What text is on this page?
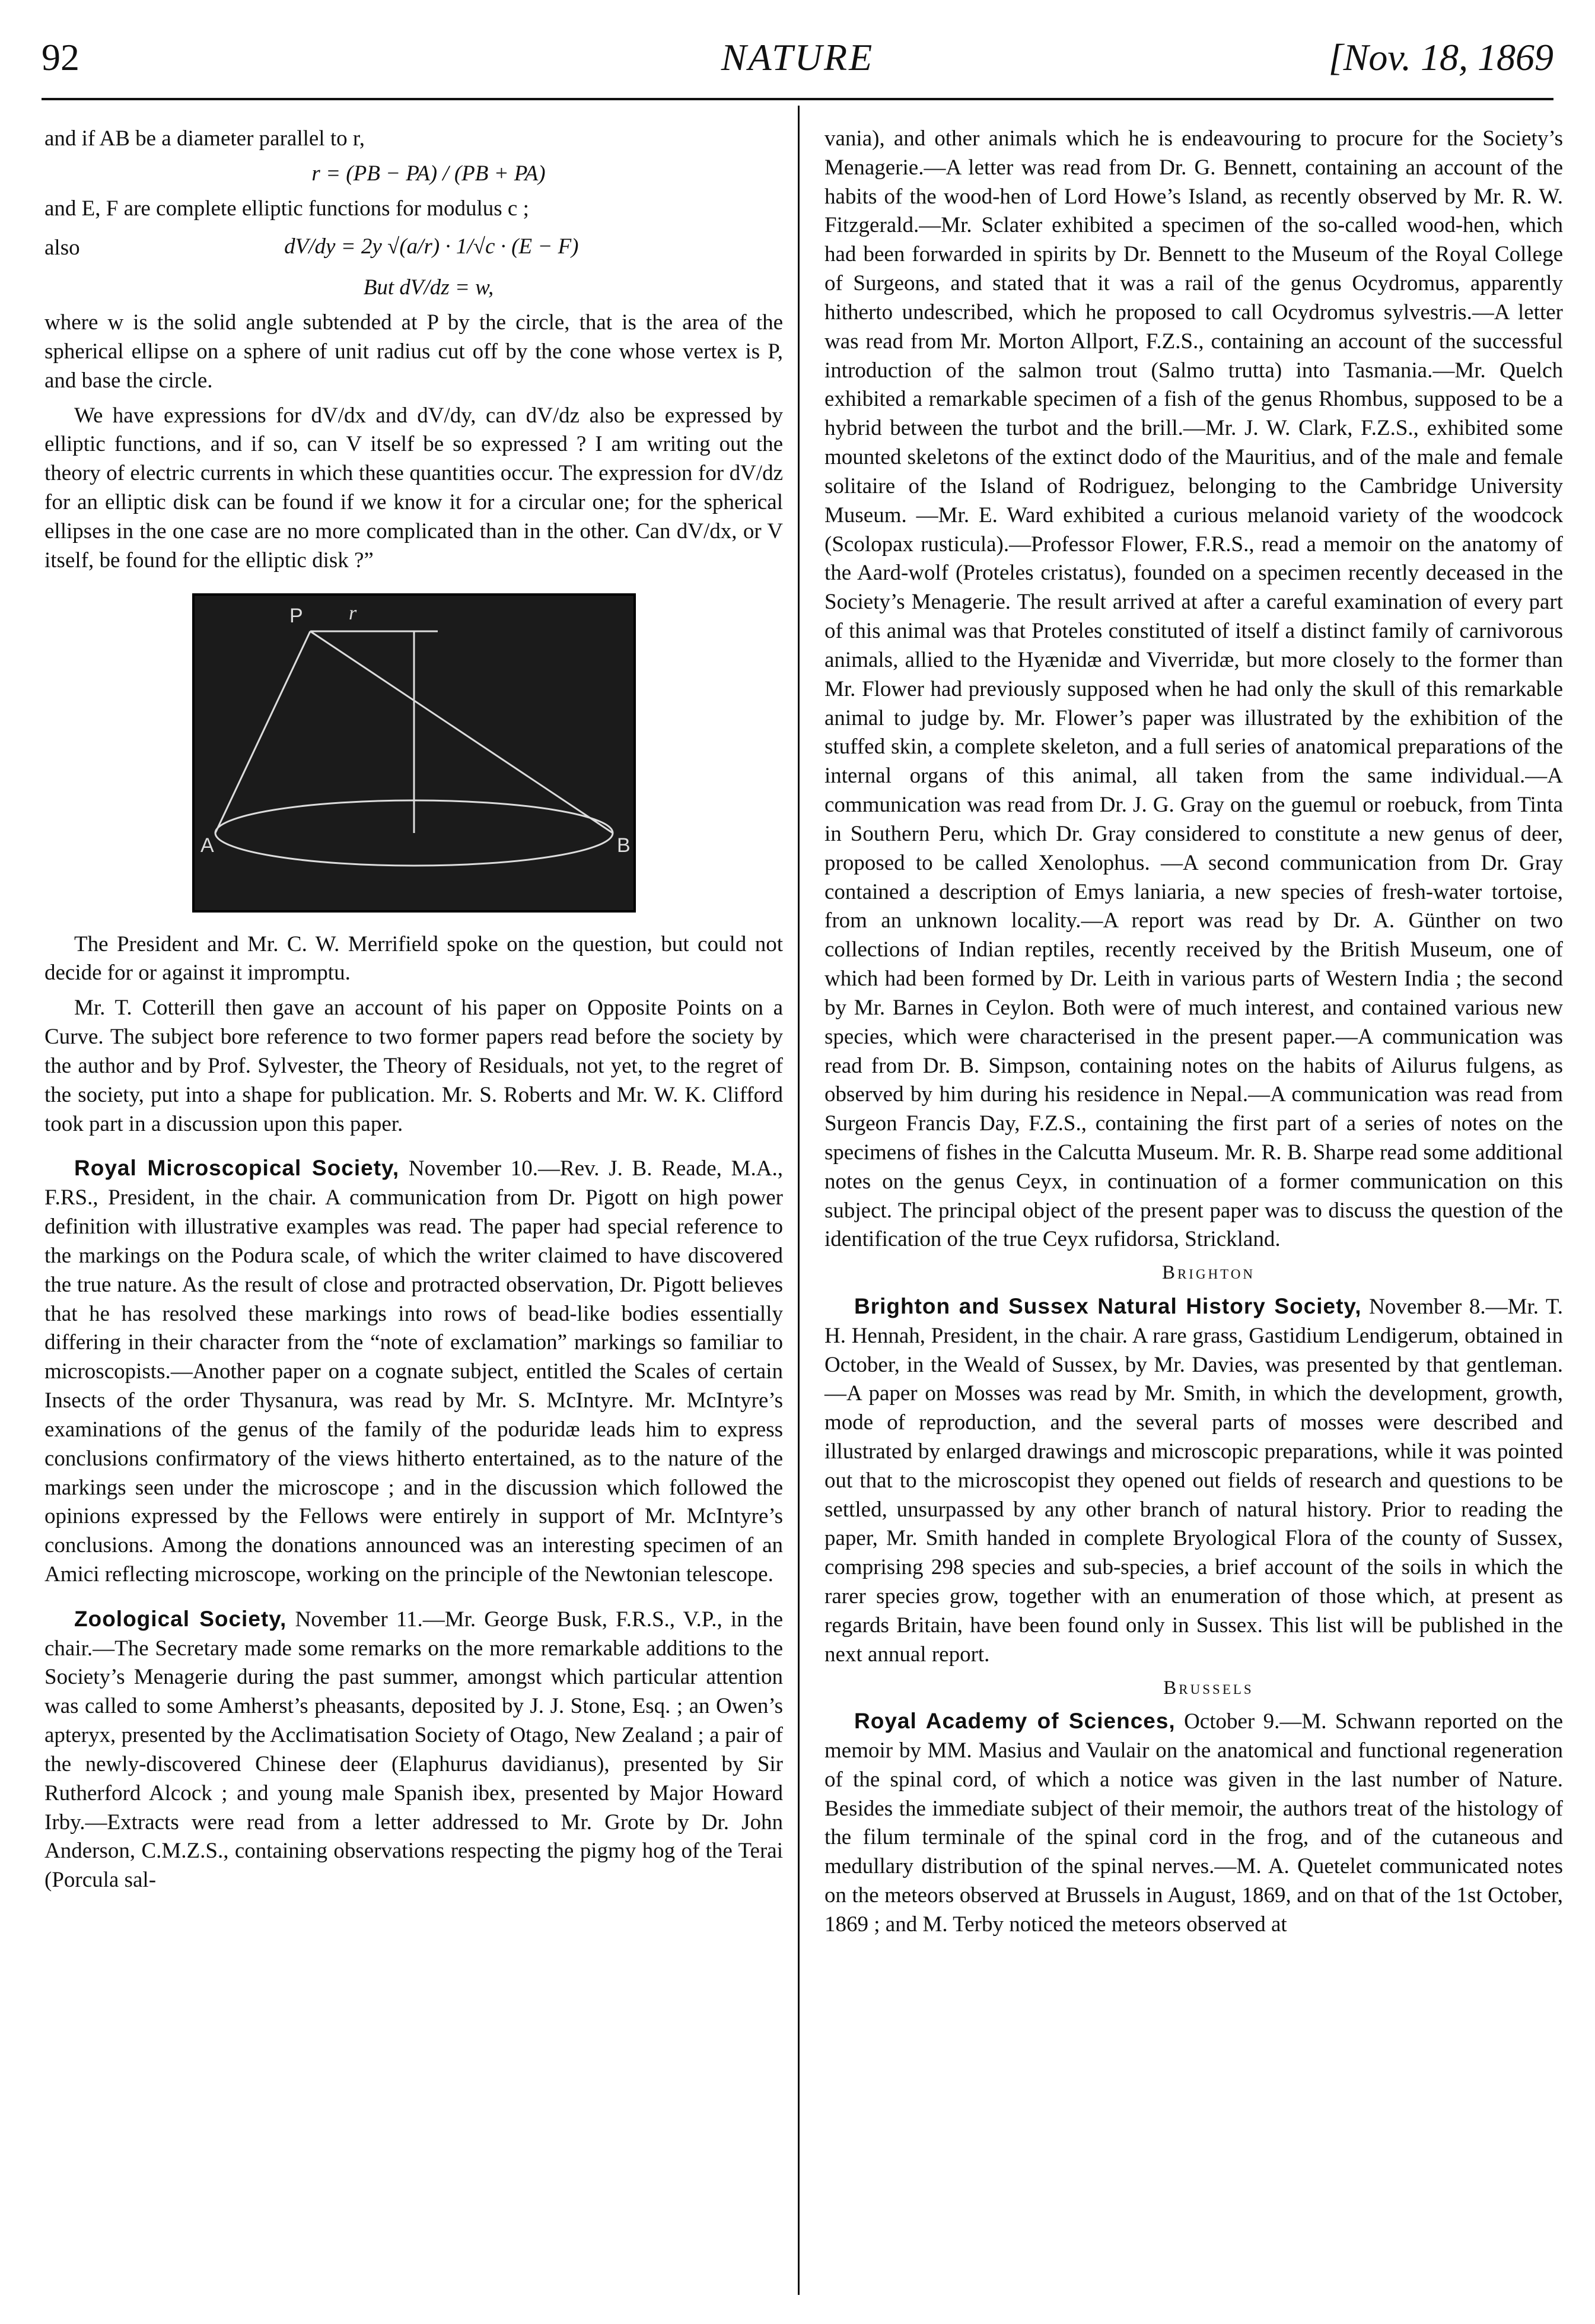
92	NATURE	[Nov. 18, 1869

and if AB be a diameter parallel to r,

r = (PB − PA) / (PB + PA)

and E, F are complete elliptic functions for modulus c ;

also	dV/dy = 2y √(a/r) · 1/√c · (E − F)

But dV/dz = w,

where w is the solid angle subtended at P by the circle, that is the area of the spherical ellipse on a sphere of unit radius cut off by the cone whose vertex is P, and base the circle.

We have expressions for dV/dx and dV/dy, can dV/dz also be expressed by elliptic functions, and if so, can V itself be so expressed ? I am writing out the theory of electric currents in which these quantities occur. The expression for dV/dz for an elliptic disk can be found if we know it for a circular one; for the spherical ellipses in the one case are no more complicated than in the other. Can dV/dx, or V itself, be found for the elliptic disk ?”

P r
A	B

The President and Mr. C. W. Merrifield spoke on the question, but could not decide for or against it impromptu.

Mr. T. Cotterill then gave an account of his paper on Opposite Points on a Curve. The subject bore reference to two former papers read before the society by the author and by Prof. Sylvester, the Theory of Residuals, not yet, to the regret of the society, put into a shape for publication. Mr. S. Roberts and Mr. W. K. Clifford took part in a discussion upon this paper.

Royal Microscopical Society, November 10.—Rev. J. B. Reade, M.A., F.RS., President, in the chair. A communication from Dr. Pigott on high power definition with illustrative examples was read. The paper had special reference to the markings on the Podura scale, of which the writer claimed to have discovered the true nature. As the result of close and protracted observation, Dr. Pigott believes that he has resolved these markings into rows of bead-like bodies essentially differing in their character from the “note of exclamation” markings so familiar to microscopists.—Another paper on a cognate subject, entitled the Scales of certain Insects of the order Thysanura, was read by Mr. S. McIntyre. Mr. McIntyre’s examinations of the genus of the family of the poduridæ leads him to express conclusions confirmatory of the views hitherto entertained, as to the nature of the markings seen under the microscope ; and in the discussion which followed the opinions expressed by the Fellows were entirely in support of Mr. McIntyre’s conclusions. Among the donations announced was an interesting specimen of an Amici reflecting microscope, working on the principle of the Newtonian telescope.

Zoological Society, November 11.—Mr. George Busk, F.R.S., V.P., in the chair.—The Secretary made some remarks on the more remarkable additions to the Society’s Menagerie during the past summer, amongst which particular attention was called to some Amherst’s pheasants, deposited by J. J. Stone, Esq. ; an Owen’s apteryx, presented by the Acclimatisation Society of Otago, New Zealand ; a pair of the newly-discovered Chinese deer (Elaphurus davidianus), presented by Sir Rutherford Alcock ; and young male Spanish ibex, presented by Major Howard Irby.—Extracts were read from a letter addressed to Mr. Grote by Dr. John Anderson, C.M.Z.S., containing observations respecting the pigmy hog of the Terai (Porcula sal-

vania), and other animals which he is endeavouring to procure for the Society’s Menagerie.—A letter was read from Dr. G. Bennett, containing an account of the habits of the wood-hen of Lord Howe’s Island, as recently observed by Mr. R. W. Fitzgerald.—Mr. Sclater exhibited a specimen of the so-called wood-hen, which had been forwarded in spirits by Dr. Bennett to the Museum of the Royal College of Surgeons, and stated that it was a rail of the genus Ocydromus, apparently hitherto undescribed, which he proposed to call Ocydromus sylvestris.—A letter was read from Mr. Morton Allport, F.Z.S., containing an account of the successful introduction of the salmon trout (Salmo trutta) into Tasmania.—Mr. Quelch exhibited a remarkable specimen of a fish of the genus Rhombus, supposed to be a hybrid between the turbot and the brill.—Mr. J. W. Clark, F.Z.S., exhibited some mounted skeletons of the extinct dodo of the Mauritius, and of the male and female solitaire of the Island of Rodriguez, belonging to the Cambridge University Museum. —Mr. E. Ward exhibited a curious melanoid variety of the woodcock (Scolopax rusticula).—Professor Flower, F.R.S., read a memoir on the anatomy of the Aard-wolf (Proteles cristatus), founded on a specimen recently deceased in the Society’s Menagerie. The result arrived at after a careful examination of every part of this animal was that Proteles constituted of itself a distinct family of carnivorous animals, allied to the Hyænidæ and Viverridæ, but more closely to the former than Mr. Flower had previously supposed when he had only the skull of this remarkable animal to judge by. Mr. Flower’s paper was illustrated by the exhibition of the stuffed skin, a complete skeleton, and a full series of anatomical preparations of the internal organs of this animal, all taken from the same individual.—A communication was read from Dr. J. G. Gray on the guemul or roebuck, from Tinta in Southern Peru, which Dr. Gray considered to constitute a new genus of deer, proposed to be called Xenolophus. —A second communication from Dr. Gray contained a description of Emys laniaria, a new species of fresh-water tortoise, from an unknown locality.—A report was read by Dr. A. Günther on two collections of Indian reptiles, recently received by the British Museum, one of which had been formed by Dr. Leith in various parts of Western India ; the second by Mr. Barnes in Ceylon. Both were of much interest, and contained various new species, which were characterised in the present paper.—A communication was read from Dr. B. Simpson, containing notes on the habits of Ailurus fulgens, as observed by him during his residence in Nepal.—A communication was read from Surgeon Francis Day, F.Z.S., containing the first part of a series of notes on the specimens of fishes in the Calcutta Museum. Mr. R. B. Sharpe read some additional notes on the genus Ceyx, in continuation of a former communication on this subject. The principal object of the present paper was to discuss the question of the identification of the true Ceyx rufidorsa, Strickland.

Brighton

Brighton and Sussex Natural History Society, November 8.—Mr. T. H. Hennah, President, in the chair. A rare grass, Gastidium Lendigerum, obtained in October, in the Weald of Sussex, by Mr. Davies, was presented by that gentleman.—A paper on Mosses was read by Mr. Smith, in which the development, growth, mode of reproduction, and the several parts of mosses were described and illustrated by enlarged drawings and microscopic preparations, while it was pointed out that to the microscopist they opened out fields of research and questions to be settled, unsurpassed by any other branch of natural history. Prior to reading the paper, Mr. Smith handed in complete Bryological Flora of the county of Sussex, comprising 298 species and sub-species, a brief account of the soils in which the rarer species grow, together with an enumeration of those which, at present as regards Britain, have been found only in Sussex. This list will be published in the next annual report.

Brussels

Royal Academy of Sciences, October 9.—M. Schwann reported on the memoir by MM. Masius and Vaulair on the anatomical and functional regeneration of the spinal cord, of which a notice was given in the last number of Nature. Besides the immediate subject of their memoir, the authors treat of the histology of the filum terminale of the spinal cord in the frog, and of the cutaneous and medullary distribution of the spinal nerves.—M. A. Quetelet communicated notes on the meteors observed at Brussels in August, 1869, and on that of the 1st October, 1869 ; and M. Terby noticed the meteors observed at
